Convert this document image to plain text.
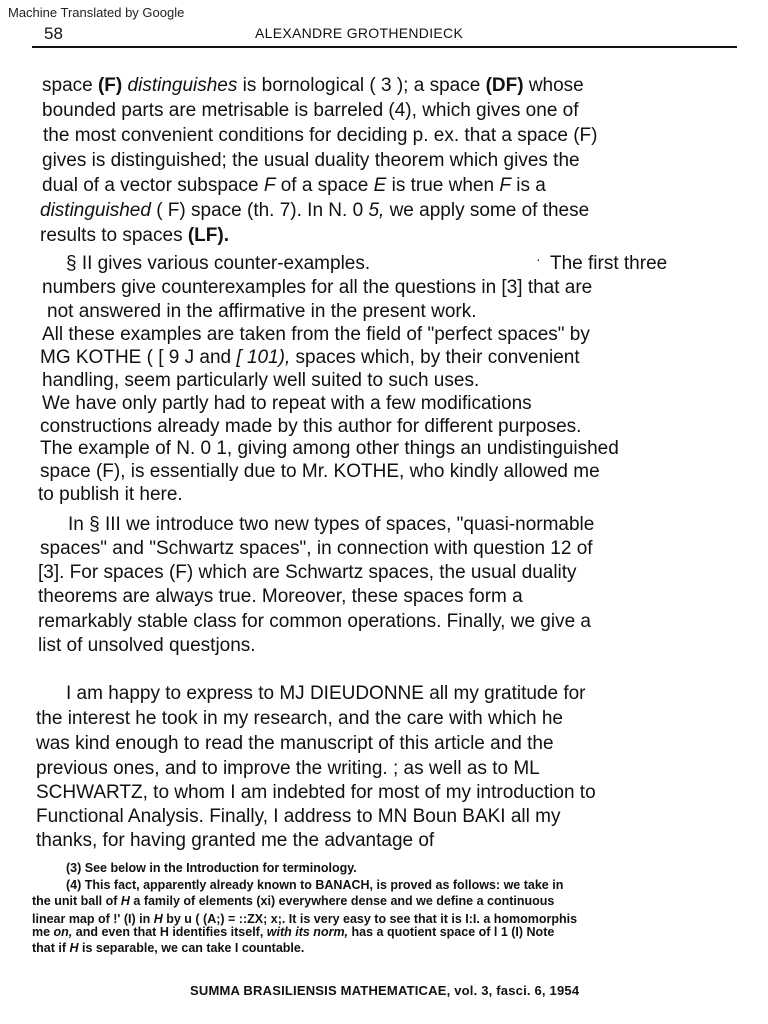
Machine Translated by Google
58	ALEXANDRE GROTHENDIECK
space (F) distinguishes is bornological ( 3 ); a space (DF) whose
bounded parts are metrisable is barreled (4), which gives one of
the most convenient conditions for deciding p. ex. that a space (F)
gives is distinguished; the usual duality theorem which gives the
dual of a vector subspace F of a space E is true when F is a
distinguished ( F) space (th. 7). In N. 0 5, we apply some of these
results to spaces (LF).
§ II gives various counter-examples.	· The first three
numbers give counterexamples for all the questions in [3] that are
not answered in the affirmative in the present work.
All these examples are taken from the field of "perfect spaces" by
MG KOTHE ( [ 9 J and [ 101), spaces which, by their convenient
handling, seem particularly well suited to such uses.
We have only partly had to repeat with a few modifications
constructions already made by this author for different purposes.
The example of N. 0 1, giving among other things an undistinguished
space (F), is essentially due to Mr. KOTHE, who kindly allowed me
to publish it here.
In § III we introduce two new types of spaces, "quasi-normable
spaces" and "Schwartz spaces", in connection with question 12 of
[3]. For spaces (F) which are Schwartz spaces, the usual duality
theorems are always true. Moreover, these spaces form a
remarkably stable class for common operations. Finally, we give a
list of unsolved questjons.
I am happy to express to MJ DIEUDONNE all my gratitude for
the interest he took in my research, and the care with which he
was kind enough to read the manuscript of this article and the
previous ones, and to improve the writing. ; as well as to ML
SCHWARTZ, to whom I am indebted for most of my introduction to
Functional Analysis. Finally, I address to MN Boun BAKI all my
thanks, for having granted me the advantage of
(3) See below in the Introduction for terminology.
(4) This fact, apparently already known to BANACH, is proved as follows: we take in
the unit ball of H a family of elements (xi) everywhere dense and we define a continuous
linear map of !' (I) in H by u ( (A;) = ::ZX; x;. It is very easy to see that it is I:I. a homomorphis
me on, and even that H identifies itself, with its norm, has a quotient space of l 1 (I) Note
that if H is separable, we can take I countable.
SUMMA BRASILIENSIS MATHEMATICAE, vol. 3, fasci. 6, 1954
